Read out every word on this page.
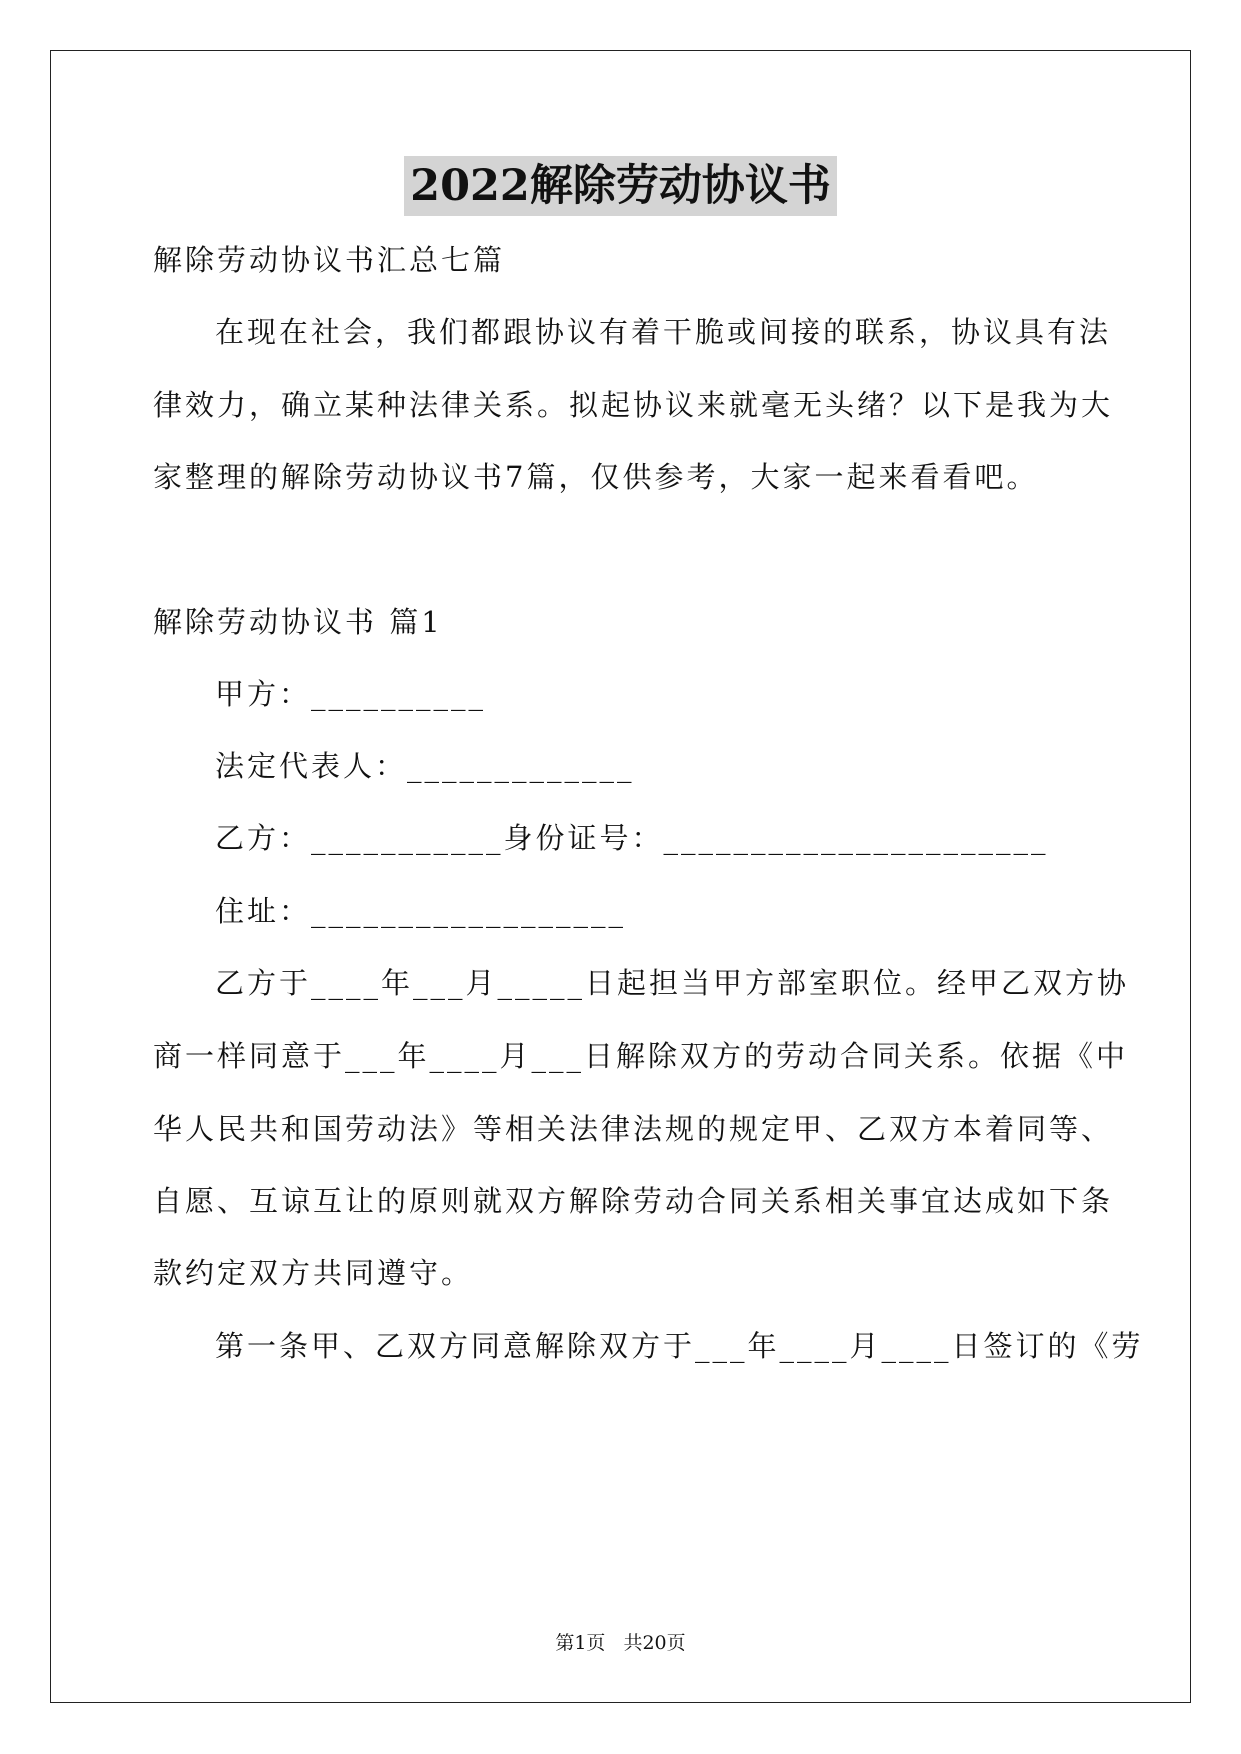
2022解除劳动协议书
解除劳动协议书汇总七篇
在现在社会，我们都跟协议有着干脆或间接的联系，协议具有法
律效力，确立某种法律关系。拟起协议来就毫无头绪？以下是我为大
家整理的解除劳动协议书7篇，仅供参考，大家一起来看看吧。
解除劳动协议书 篇1
甲方：__________
法定代表人：_____________
乙方：___________身份证号：______________________
住址：__________________
乙方于____年___月_____日起担当甲方部室职位。经甲乙双方协
商一样同意于___年____月___日解除双方的劳动合同关系。依据《中
华人民共和国劳动法》等相关法律法规的规定甲、乙双方本着同等、
自愿、互谅互让的原则就双方解除劳动合同关系相关事宜达成如下条
款约定双方共同遵守。
第一条甲、乙双方同意解除双方于___年____月____日签订的《劳
第1页 共20页
